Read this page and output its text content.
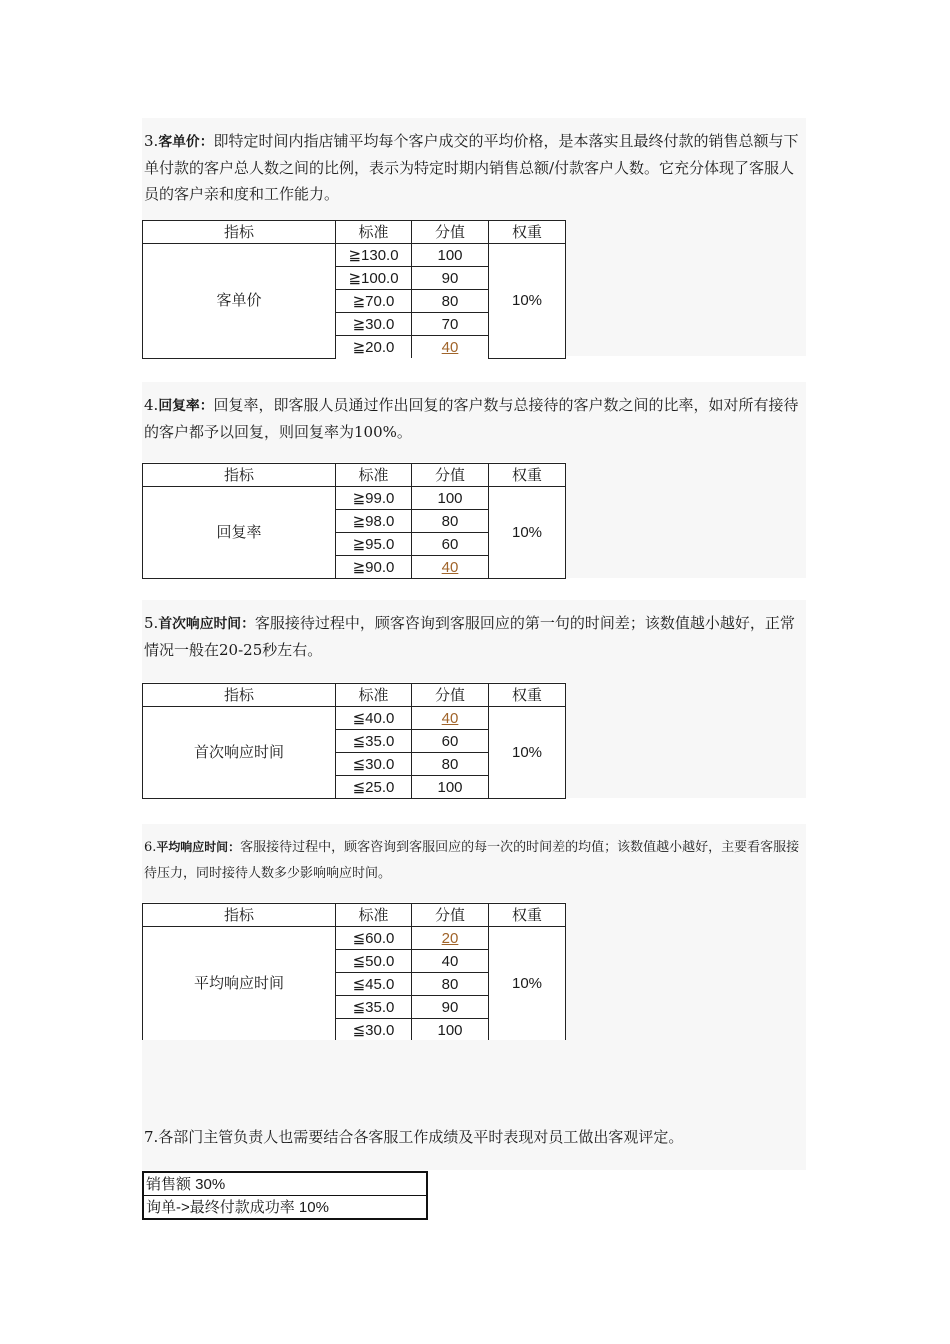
3.客单价：即特定时间内指店铺平均每个客户成交的平均价格，是本落实且最终付款的销售总额与下单付款的客户总人数之间的比例，表示为特定时期内销售总额/付款客户人数。它充分体现了客服人员的客户亲和度和工作能力。
指标	标准	分值	权重
客单价	≧130.0	100	10%
	≧100.0	90	
	≧70.0	80	
	≧30.0	70	
	≧20.0	40	
4.回复率：回复率，即客服人员通过作出回复的客户数与总接待的客户数之间的比率，如对所有接待的客户都予以回复，则回复率为100%。
指标	标准	分值	权重
回复率	≧99.0	100	10%
	≧98.0	80	
	≧95.0	60	
	≧90.0	40	
5.首次响应时间：客服接待过程中，顾客咨询到客服回应的第一句的时间差；该数值越小越好，正常情况一般在20-25秒左右。
指标	标准	分值	权重
首次响应时间	≦40.0	40	10%
	≦35.0	60	
	≦30.0	80	
	≦25.0	100	
6.平均响应时间：客服接待过程中，顾客咨询到客服回应的每一次的时间差的均值；该数值越小越好，主要看客服接待压力，同时接待人数多少影响响应时间。
指标	标准	分值	权重
平均响应时间	≦60.0	20	10%
	≦50.0	40	
	≦45.0	80	
	≦35.0	90	
	≦30.0	100	
7.各部门主管负责人也需要结合各客服工作成绩及平时表现对员工做出客观评定。
销售额 30%
询单->最终付款成功率 10%
